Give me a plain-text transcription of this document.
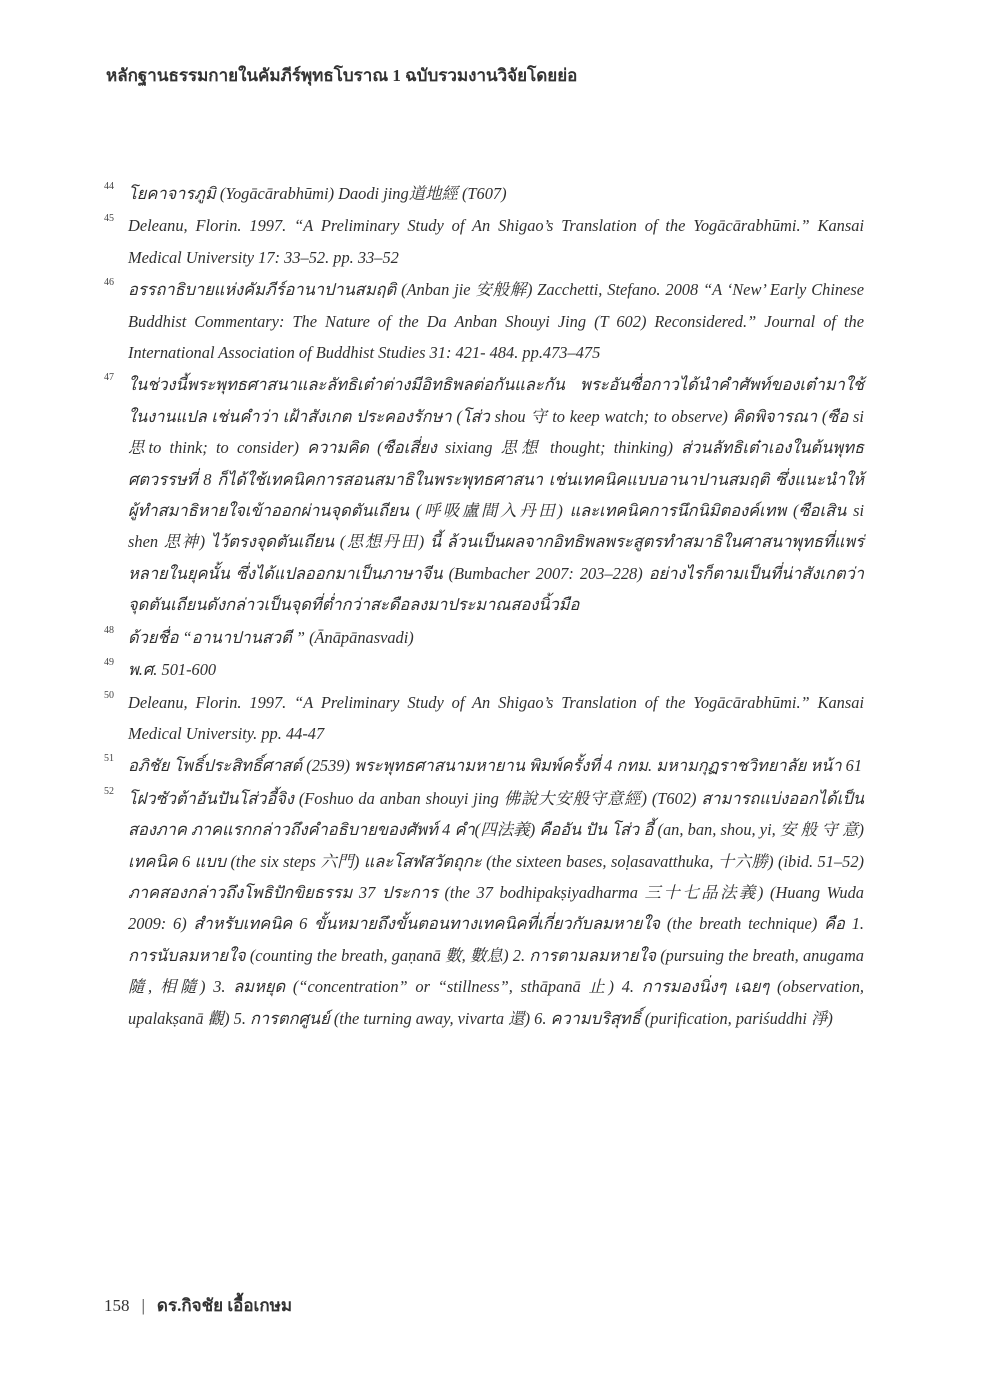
หลักฐานธรรมกายในคัมภีร์พุทธโบราณ 1 ฉบับรวมงานวิจัยโดยย่อ
44 โยคาจารภูมิ (Yogācārabhūmi) Daodi jing道地經 (T607)
45 Deleanu, Florin. 1997. “A Preliminary Study of An Shigao’s Translation of the Yogācārabhūmi.” Kansai Medical University 17: 33–52. pp. 33–52
46 อรรถาธิบายแห่งคัมภีร์อานาปานสมฤติ (Anban jie 安般解) Zacchetti, Stefano. 2008 “A ‘New’ Early Chinese Buddhist Commentary: The Nature of the Da Anban Shouyi Jing (T 602) Reconsidered.” Journal of the International Association of Buddhist Studies 31: 421- 484. pp.473–475
47 ในช่วงนี้พระพุทธศาสนาและลัทธิเต๋าต่างมีอิทธิพลต่อกันและกัน พระอันซื่อกาวได้นำคำศัพท์ของเต๋ามาใช้ในงานแปล เช่นคำว่า เฝ้าสังเกต ประคองรักษา (โส่ว shou 守 to keep watch; to observe) คิดพิจารณา (ซือ si 思to think; to consider) ความคิด (ซือเสี่ยง sixiang 思想 thought; thinking) ส่วนลัทธิเต๋าเองในต้นพุทธศตวรรษที่ 8 ก็ได้ใช้เทคนิคการสอนสมาธิในพระพุทธศาสนา เช่นเทคนิคแบบอานาปานสมฤติ ซึ่งแนะนำให้ผู้ทำสมาธิหายใจเข้าออกผ่านจุดตันเถียน (呼吸盧間入丹田) และเทคนิคการนึกนิมิตองค์เทพ (ซือเสิน si shen 思神) ไว้ตรงจุดตันเถียน (思想丹田) นี้ ล้วนเป็นผลจากอิทธิพลพระสูตรทำสมาธิในศาสนาพุทธที่แพร่หลายในยุคนั้น ซึ่งได้แปลออกมาเป็นภาษาจีน (Bumbacher 2007: 203–228) อย่างไรก็ตามเป็นที่น่าสังเกตว่าจุดตันเถียนดังกล่าวเป็นจุดที่ต่ำกว่าสะดือลงมาประมาณสองนิ้วมือ
48 ด้วยชื่อ “อานาปานสวตี ” (Ānāpānasvadi)
49 พ.ศ. 501-600
50 Deleanu, Florin. 1997. “A Preliminary Study of An Shigao’s Translation of the Yogācārabhūmi.” Kansai Medical University. pp. 44-47
51 อภิชัย โพธิ์ประสิทธิ์ศาสต์ (2539) พระพุทธศาสนามหายาน พิมพ์ครั้งที่ 4 กทม. มหามกุฏราชวิทยาลัย หน้า 61
52 โฝวซัวต้าอันปันโส่วอี้จิง (Foshuo da anban shouyi jing 佛說大安般守意經) (T602) สามารถแบ่งออกได้เป็นสองภาค ภาคแรกกล่าวถึงคำอธิบายของศัพท์ 4 คำ(四法義) คืออัน ปัน โส่ว อี้ (an, ban, shou, yi, 安 般 守 意) เทคนิค 6 แบบ (the six steps 六門) และโสฬสวัตถุกะ (the sixteen bases, soḷasavatthuka, 十六勝) (ibid. 51–52) ภาคสองกล่าวถึงโพธิปักขิยธรรม 37 ประการ (the 37 bodhipakṣiyadharma 三十七品法義) (Huang Wuda 2009: 6) สำหรับเทคนิค 6 ขั้นหมายถึงขั้นตอนทางเทคนิคที่เกี่ยวกับลมหายใจ (the breath technique) คือ 1. การนับลมหายใจ (counting the breath, gaṇanā 數, 數息) 2. การตามลมหายใจ (pursuing the breath, anugama 隨, 相隨) 3. ลมหยุด (“concentration” or “stillness”, sthāpanā 止) 4. การมองนิ่งๆ เฉยๆ (observation, upalakṣanā 觀) 5. การตกศูนย์ (the turning away, vivarta 還) 6. ความบริสุทธิ์ (purification, pariśuddhi 淨)
158 | ดร.กิจชัย เอื้อเกษม
